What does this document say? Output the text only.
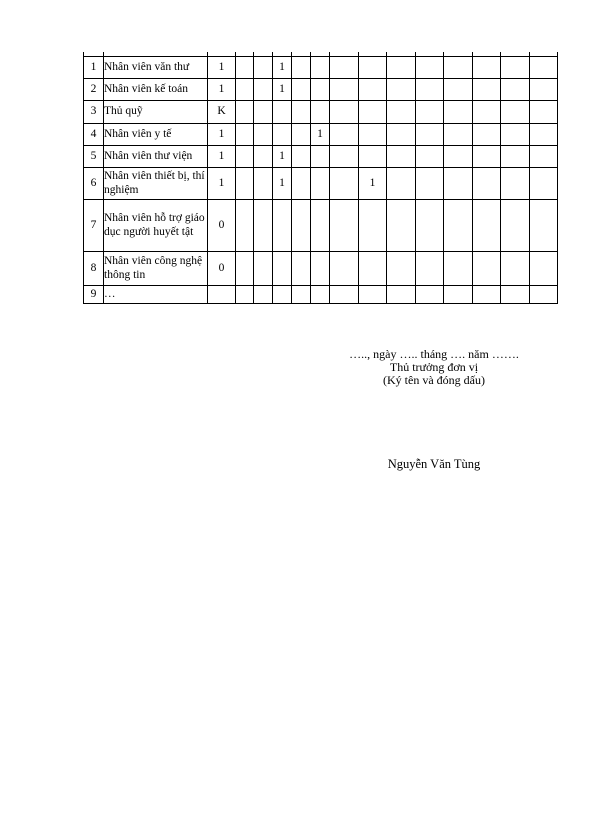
1	Nhân viên văn thư	1			1										
2	Nhân viên kế toán	1			1										
3	Thủ quỹ	K													
4	Nhân viên y tế	1					1								
5	Nhân viên thư viện	1			1										
6	Nhân viên thiết bị, thí nghiệm	1			1				1						
7	Nhân viên hỗ trợ giáo dục người huyết tật	0													
8	Nhân viên công nghệ thông tin	0													
9	…														
….., ngày ….. tháng …. năm …….
Thủ trưởng đơn vị
(Ký tên và đóng dấu)
Nguyễn Văn Tùng
